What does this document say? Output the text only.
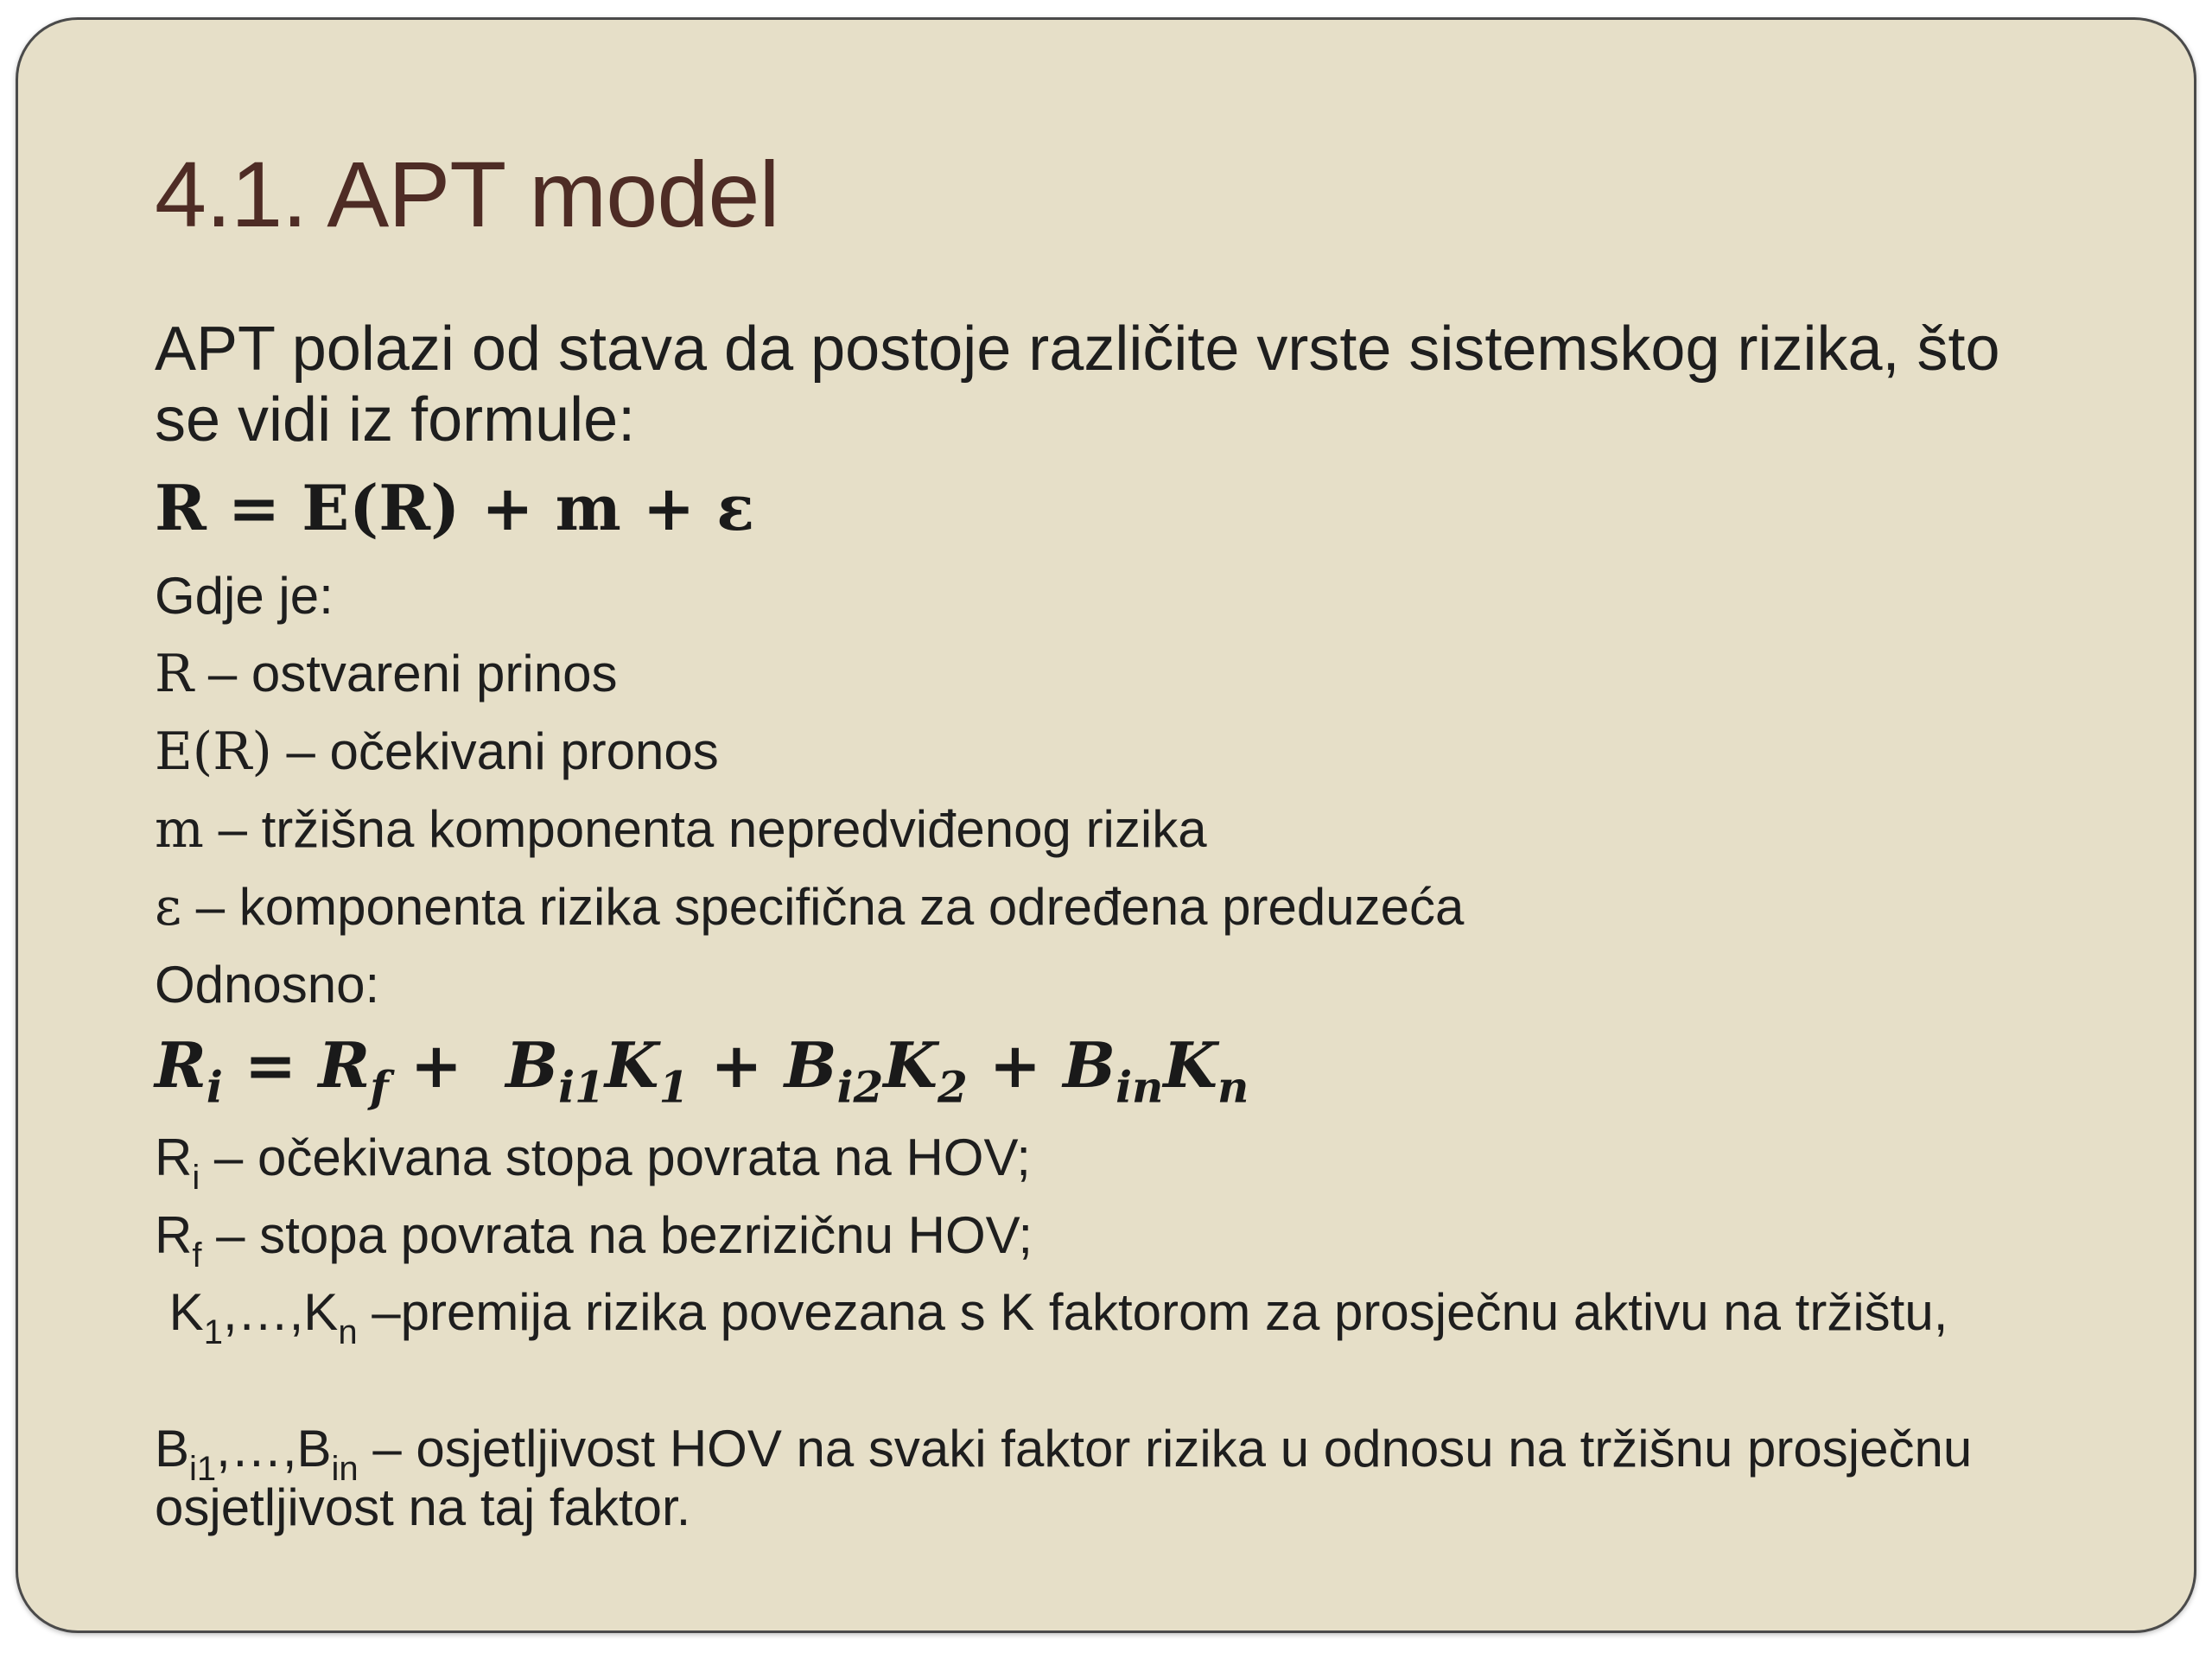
4.1. APT model

APT polazi od stava da postoje različite vrste sistemskog rizika, što se vidi iz formule:

R = E(R) + m + ε

Gdje je:

R – ostvareni prinos

E(R) – očekivani pronos

m – tržišna komponenta nepredviđenog rizika

ε – komponenta rizika specifična za određena preduzeća

Odnosno:

$R_i = R_f + B_{i1}K_1 + B_{i2}K_2 + B_{in}K_n$

$R_i$ – očekivana stopa povrata na HOV;

$R_f$ – stopa povrata na bezrizičnu HOV;

$K_1,\dots,K_n$ –premija rizika povezana s K faktorom za prosječnu aktivu na tržištu,

$B_{i1},\dots,B_{in}$ – osjetljivost HOV na svaki faktor rizika u odnosu na tržišnu prosječnu osjetljivost na taj faktor.
